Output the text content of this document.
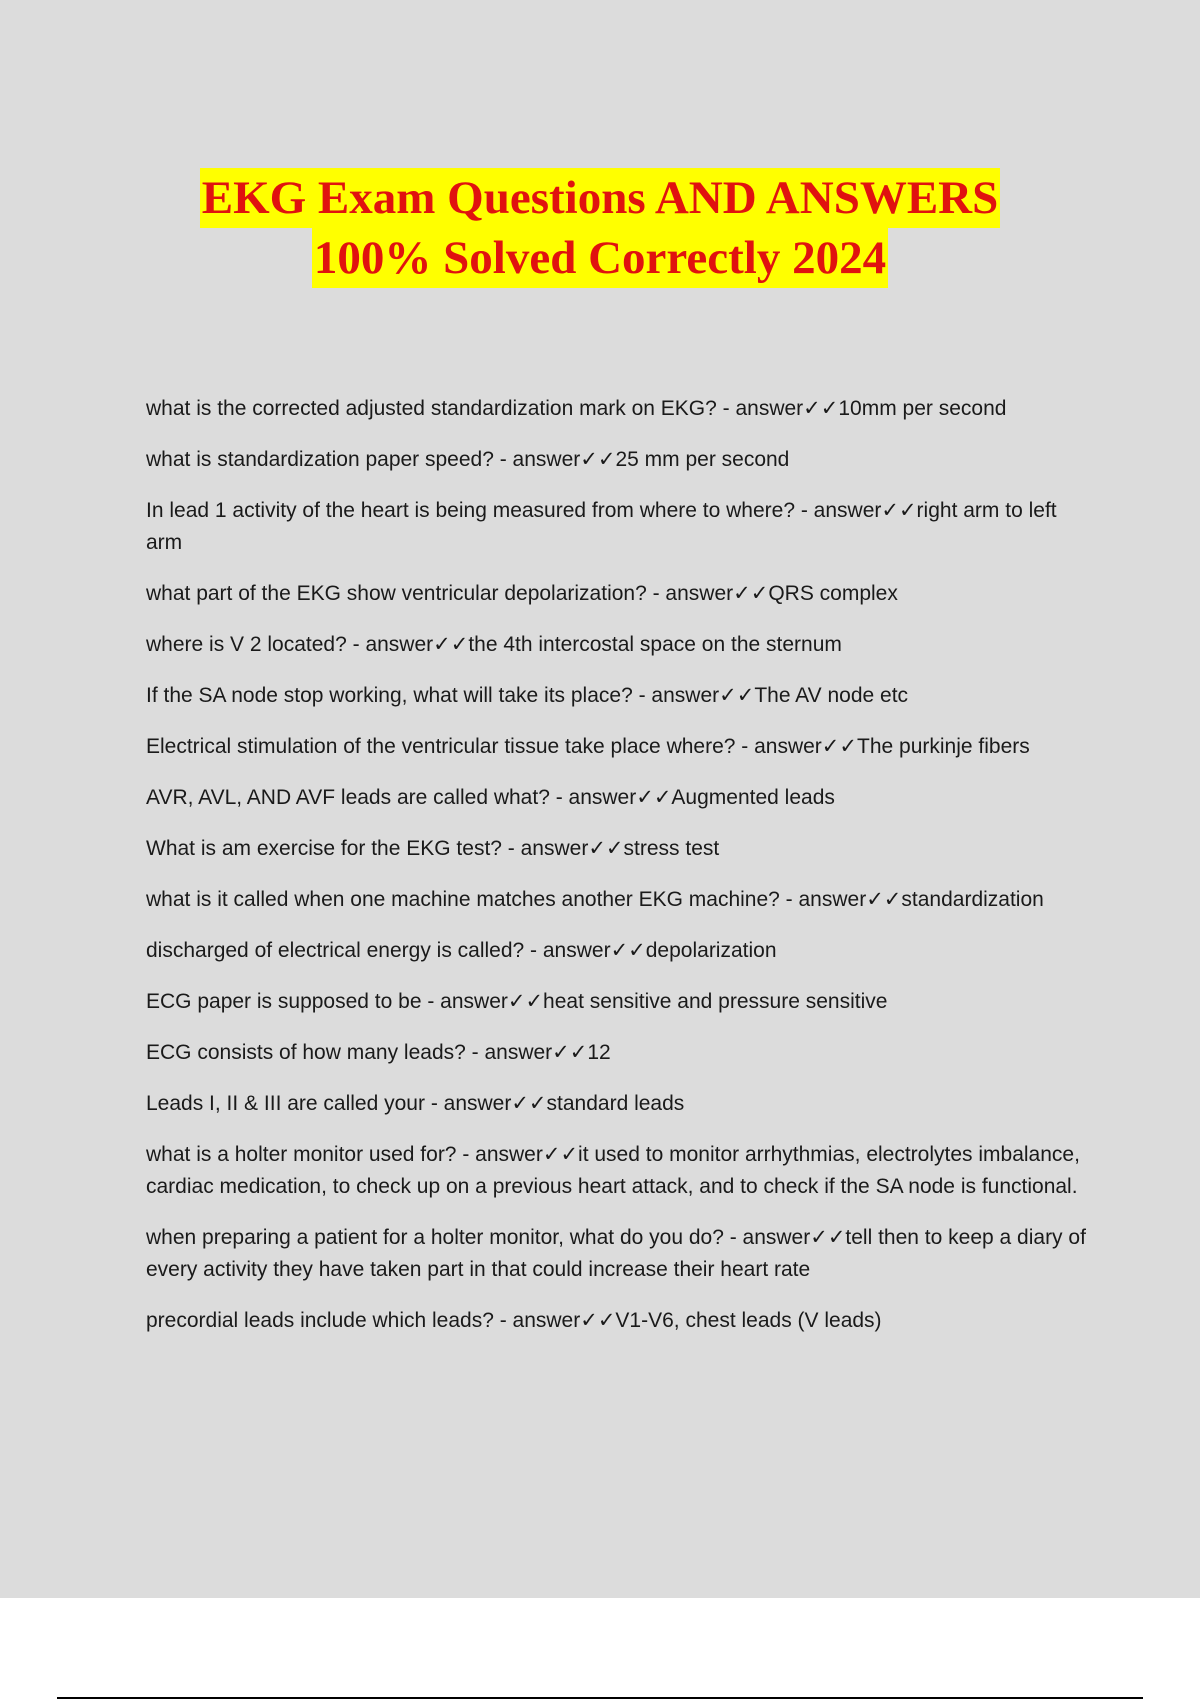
EKG Exam Questions AND ANSWERS
100% Solved Correctly 2024

what is the corrected adjusted standardization mark on EKG? - answer✓✓10mm per second

what is standardization paper speed? - answer✓✓25 mm per second

In lead 1 activity of the heart is being measured from where to where? - answer✓✓right arm to left arm

what part of the EKG show ventricular depolarization? - answer✓✓QRS complex

where is V 2 located? - answer✓✓the 4th intercostal space on the sternum

If the SA node stop working, what will take its place? - answer✓✓The AV node etc

Electrical stimulation of the ventricular tissue take place where? - answer✓✓The purkinje fibers

AVR, AVL, AND AVF leads are called what? - answer✓✓Augmented leads

What is am exercise for the EKG test? - answer✓✓stress test

what is it called when one machine matches another EKG machine? - answer✓✓standardization

discharged of electrical energy is called? - answer✓✓depolarization

ECG paper is supposed to be - answer✓✓heat sensitive and pressure sensitive

ECG consists of how many leads? - answer✓✓12

Leads I, II & III are called your - answer✓✓standard leads

what is a holter monitor used for? - answer✓✓it used to monitor arrhythmias, electrolytes imbalance, cardiac medication, to check up on a previous heart attack, and to check if the SA node is functional.

when preparing a patient for a holter monitor, what do you do? - answer✓✓tell then to keep a diary of every activity they have taken part in that could increase their heart rate

precordial leads include which leads? - answer✓✓V1-V6, chest leads (V leads)
